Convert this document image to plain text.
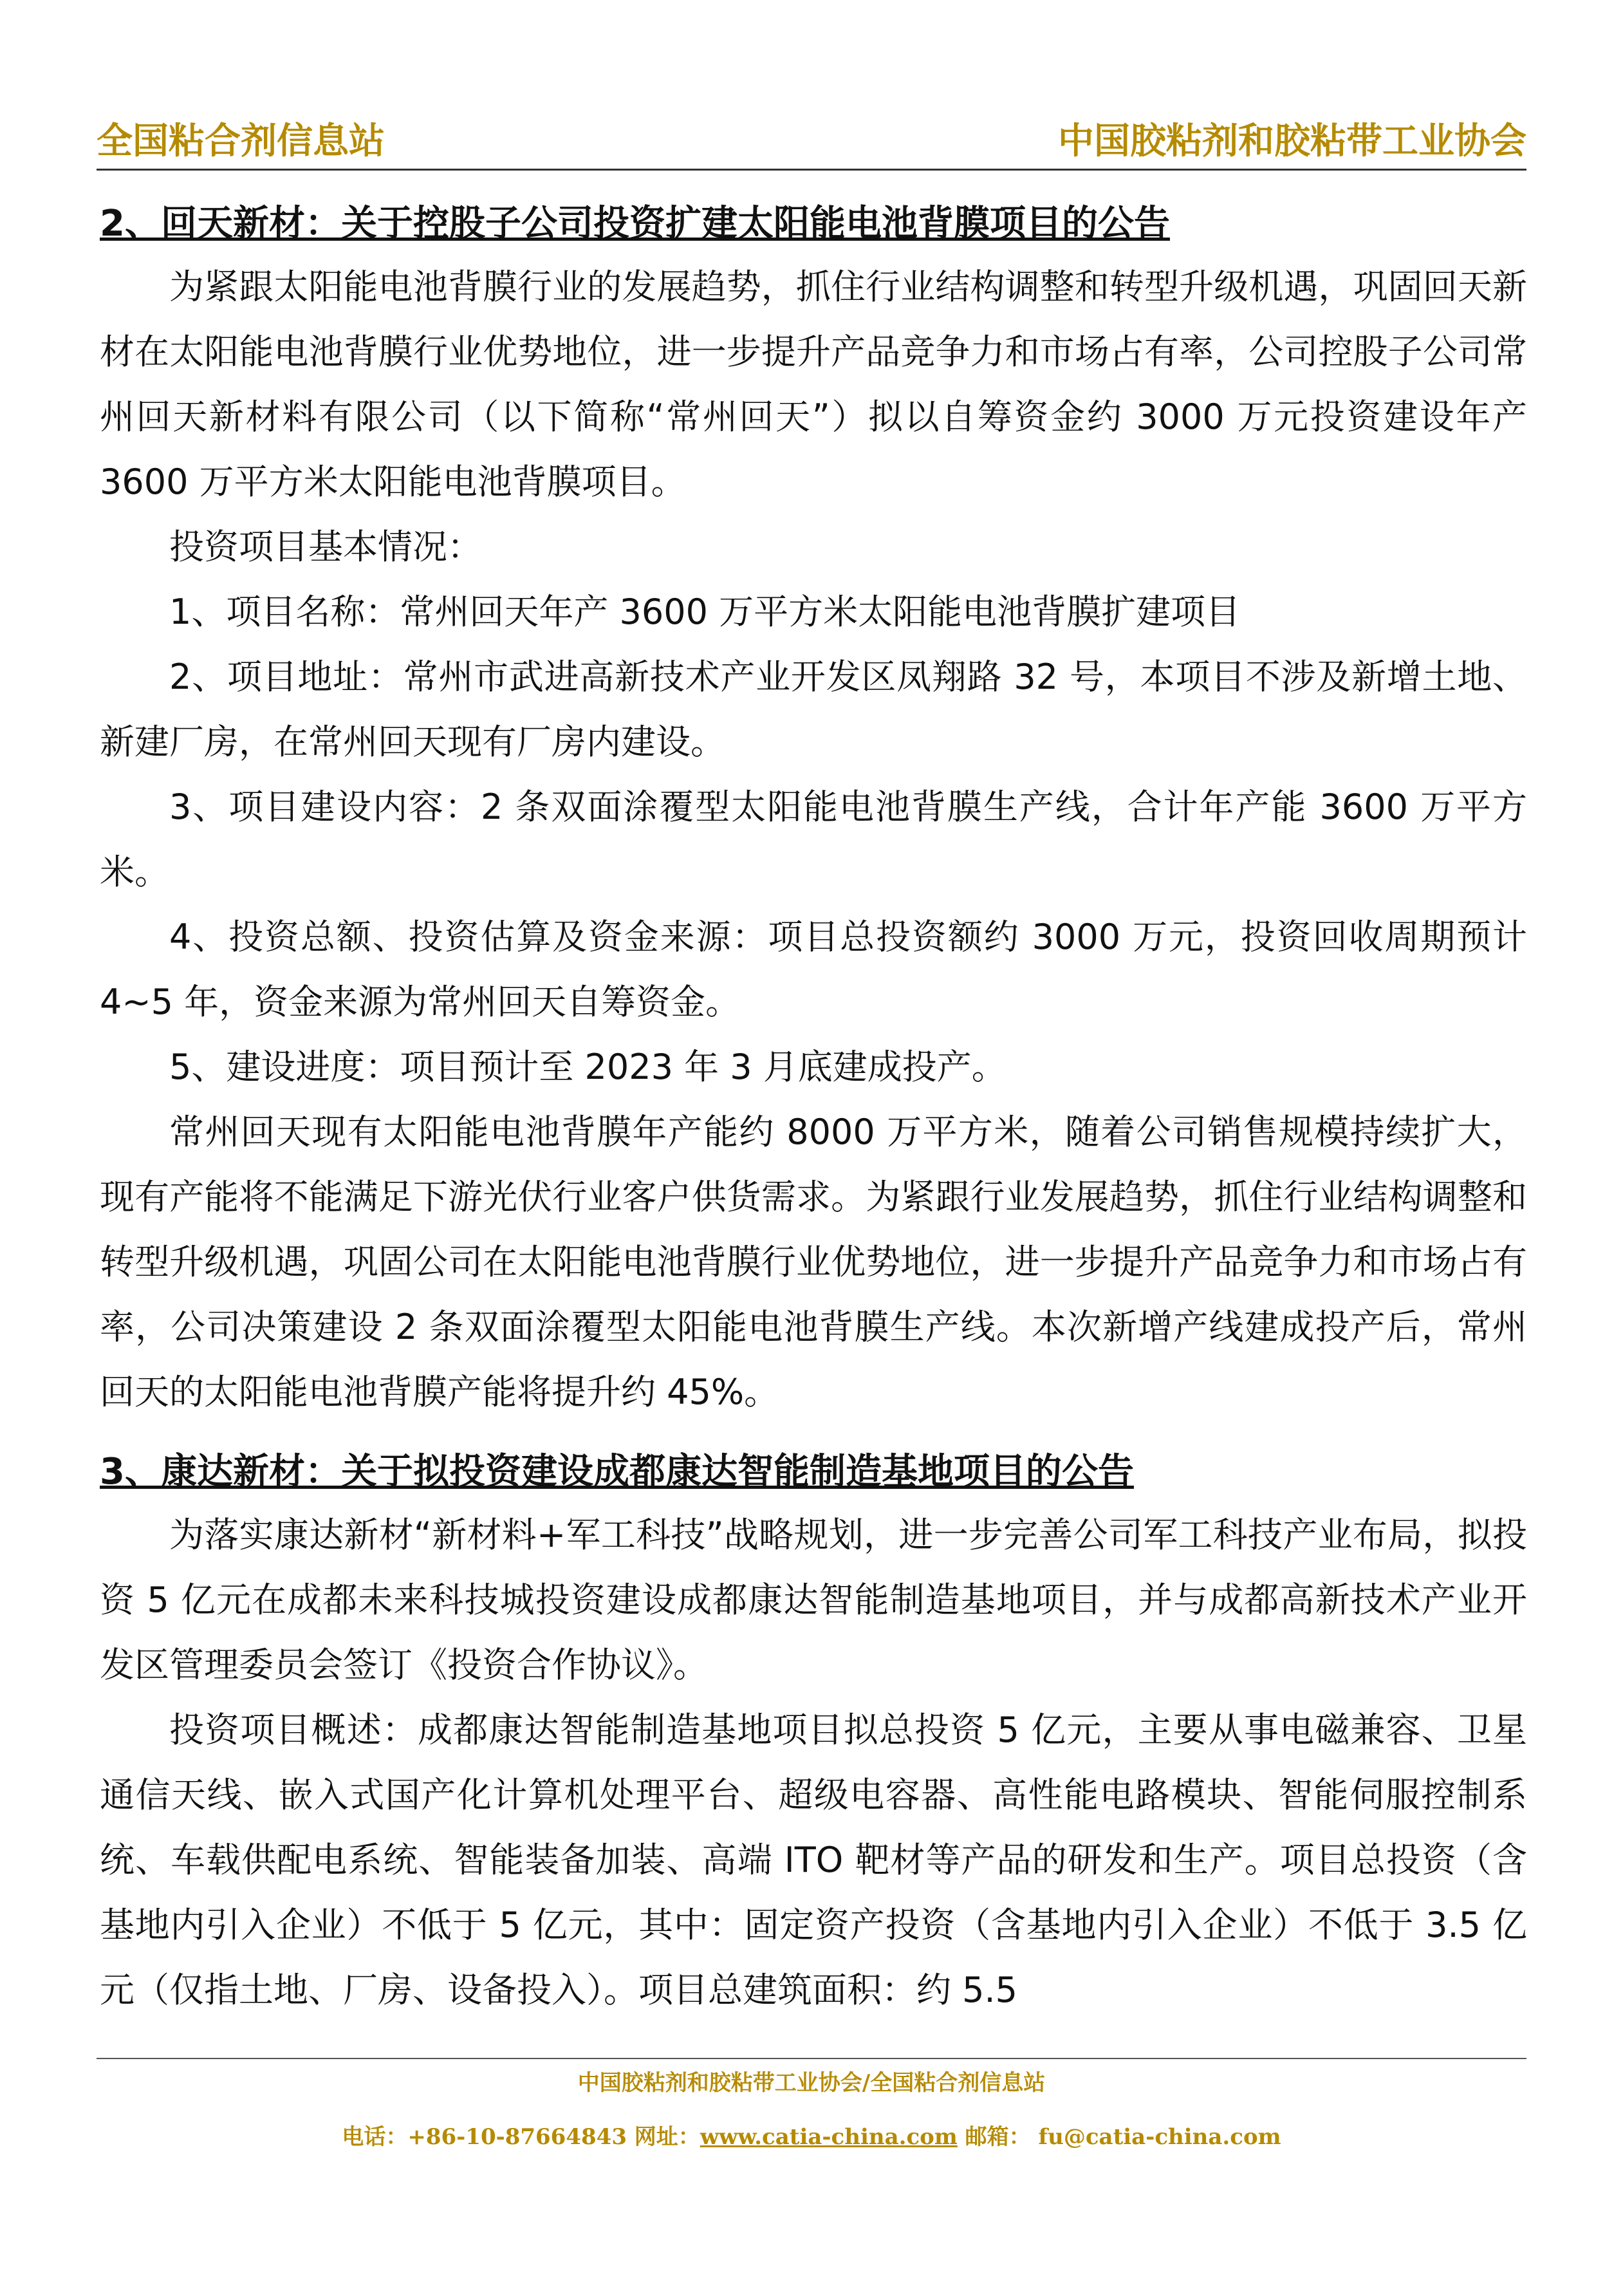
全国粘合剂信息站	中国胶粘剂和胶粘带工业协会
2、回天新材：关于控股子公司投资扩建太阳能电池背膜项目的公告

为紧跟太阳能电池背膜行业的发展趋势，抓住行业结构调整和转型升级机遇，巩固回天新材在太阳能电池背膜行业优势地位，进一步提升产品竞争力和市场占有率，公司控股子公司常州回天新材料有限公司（以下简称“常州回天”）拟以自筹资金约 3000 万元投资建设年产 3600 万平方米太阳能电池背膜项目。

投资项目基本情况：

1、项目名称：常州回天年产 3600 万平方米太阳能电池背膜扩建项目

2、项目地址：常州市武进高新技术产业开发区凤翔路 32 号，本项目不涉及新增土地、新建厂房，在常州回天现有厂房内建设。

3、项目建设内容：2 条双面涂覆型太阳能电池背膜生产线，合计年产能 3600 万平方米。

4、投资总额、投资估算及资金来源：项目总投资额约 3000 万元，投资回收周期预计 4~5 年，资金来源为常州回天自筹资金。

5、建设进度：项目预计至 2023 年 3 月底建成投产。

常州回天现有太阳能电池背膜年产能约 8000 万平方米，随着公司销售规模持续扩大，现有产能将不能满足下游光伏行业客户供货需求。为紧跟行业发展趋势，抓住行业结构调整和转型升级机遇，巩固公司在太阳能电池背膜行业优势地位，进一步提升产品竞争力和市场占有率，公司决策建设 2 条双面涂覆型太阳能电池背膜生产线。本次新增产线建成投产后，常州回天的太阳能电池背膜产能将提升约 45%。

3、康达新材：关于拟投资建设成都康达智能制造基地项目的公告

为落实康达新材“新材料+军工科技”战略规划，进一步完善公司军工科技产业布局，拟投资 5 亿元在成都未来科技城投资建设成都康达智能制造基地项目，并与成都高新技术产业开发区管理委员会签订《投资合作协议》。

投资项目概述：成都康达智能制造基地项目拟总投资 5 亿元，主要从事电磁兼容、卫星通信天线、嵌入式国产化计算机处理平台、超级电容器、高性能电路模块、智能伺服控制系统、车载供配电系统、智能装备加装、高端 ITO 靶材等产品的研发和生产。项目总投资（含基地内引入企业）不低于 5 亿元，其中：固定资产投资（含基地内引入企业）不低于 3.5 亿元（仅指土地、厂房、设备投入）。项目总建筑面积：约 5.5

中国胶粘剂和胶粘带工业协会/全国粘合剂信息站
电话：+86-10-87664843 网址：www.catia-china.com 邮箱： fu@catia-china.com
